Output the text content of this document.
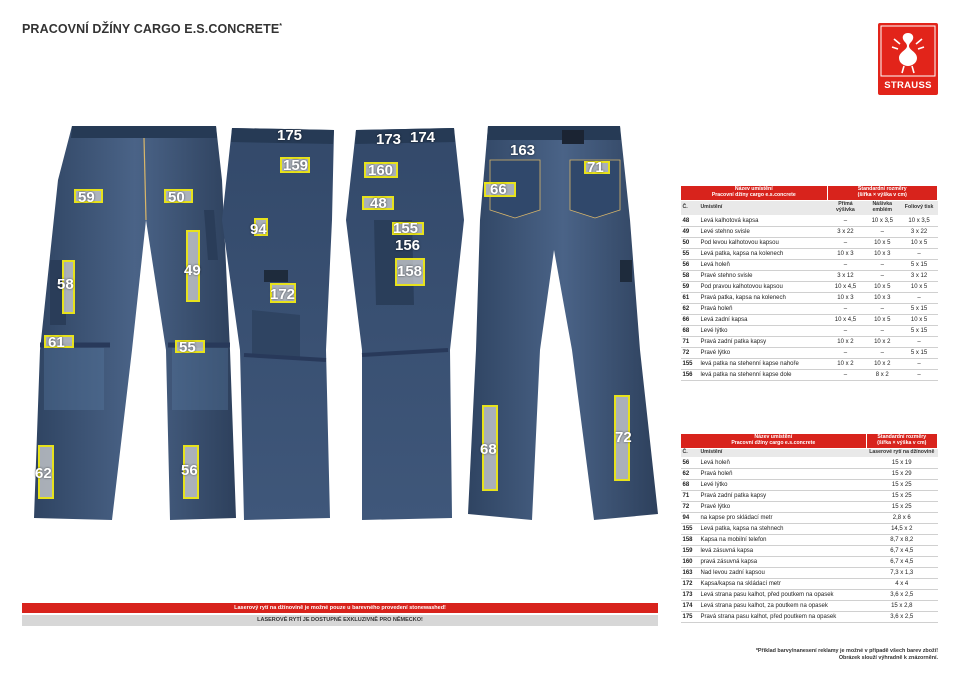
PRACOVNÍ DŽÍNY CARGO E.S.CONCRETE*
STRAUSS
59	50
49
58
61	55
62	56
175
159
94
172
173 174
160
48
155
156
158
163
71
66
68
72
Laserový rytí na džínovině je možné pouze u barevného provedení stonewashed!
LASEROVÉ RYTÍ JE DOSTUPNÉ EXKLUZIVNĚ PRO NĚMECKO!
Název umístění
Pracovní džíny cargo e.s.concrete		Standardní rozměry
(šířka × výška v cm)		
Č.	Umístění	Přímá výšivka	Nášivka emblém	Foliový tisk
48	Levá kalhotová kapsa	–	10 x 3,5	10 x 3,5
49	Levé stehno svisle	3 x 22	–	3 x 22
50	Pod levou kalhotovou kapsou	–	10 x 5	10 x 5
55	Levá patka, kapsa na kolenech	10 x 3	10 x 3	–
56	Levá holeň	–	–	5 x 15
58	Pravé stehno svisle	3 x 12	–	3 x 12
59	Pod pravou kalhotovou kapsou	10 x 4,5	10 x 5	10 x 5
61	Pravá patka, kapsa na kolenech	10 x 3	10 x 3	–
62	Pravá holeň	–	–	5 x 15
66	Levá zadní kapsa	10 x 4,5	10 x 5	10 x 5
68	Levé lýtko	–	–	5 x 15
71	Pravá zadní patka kapsy	10 x 2	10 x 2	–
72	Pravé lýtko	–	–	5 x 15
155	levá patka na stehenní kapse nahoře	10 x 2	10 x 2	–
156	levá patka na stehenní kapse dole	–	8 x 2	–
Název umístění
Pracovní džíny cargo e.s.concrete		Standardní rozměry
(šířka × výška v cm)
Č.	Umístění	Laserové rytí na džínovině
56	Levá holeň	15 x 19
62	Pravá holeň	15 x 29
68	Levé lýtko	15 x 25
71	Pravá zadní patka kapsy	15 x 25
72	Pravé lýtko	15 x 25
94	na kapse pro skládací metr	2,8 x 6
155	Levá patka, kapsa na stehnech	14,5 x 2
158	Kapsa na mobilní telefon	8,7 x 8,2
159	levá zásuvná kapsa	6,7 x 4,5
160	pravá zásuvná kapsa	6,7 x 4,5
163	Nad levou zadní kapsou	7,3 x 1,3
172	Kapsa/kapsa na skládací metr	4 x 4
173	Levá strana pasu kalhot, před poutkem na opasek	3,6 x 2,5
174	Levá strana pasu kalhot, za poutkem na opasek	15 x 2,8
175	Pravá strana pasu kalhot, před poutkem na opasek	3,6 x 2,5
*Příklad barvy/nanesení reklamy je možné v případě všech barev zboží!
Obrázek slouží výhradně k znázornění.
